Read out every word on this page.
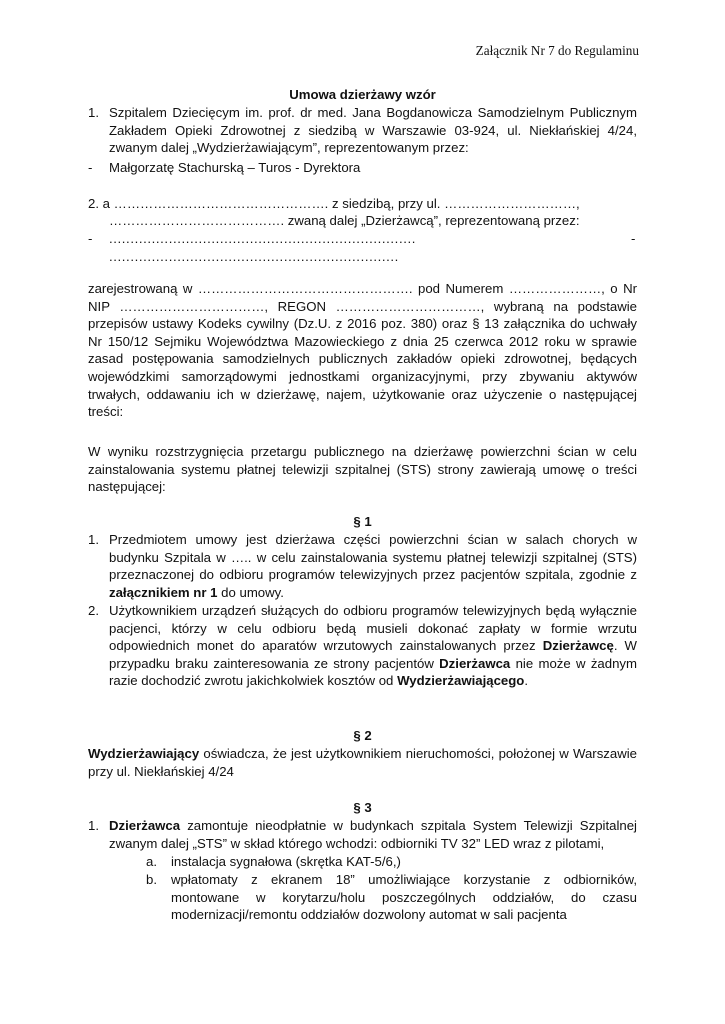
Załącznik Nr 7 do Regulaminu
Umowa dzierżawy wzór
1. Szpitalem Dziecięcym im. prof. dr med. Jana Bogdanowicza Samodzielnym Publicznym Zakładem Opieki Zdrowotnej z siedzibą w Warszawie 03-924, ul. Niekłańskiej 4/24, zwanym dalej „Wydzierżawiającym”, reprezentowanym przez:
- Małgorzatę Stachurską – Turos - Dyrektora
2. a …………………………………………. z siedzibą, przy ul. …………………………,
…………………………………. zwaną dalej „Dzierżawcą”, reprezentowaną przez:
- ........................................................................	-
....................................................................
zarejestrowaną w …………………………………………. pod Numerem …………………, o Nr NIP ……………………………, REGON ……………………………, wybraną na podstawie przepisów ustawy Kodeks cywilny (Dz.U. z 2016 poz. 380) oraz § 13 załącznika do uchwały Nr 150/12 Sejmiku Województwa Mazowieckiego z dnia 25 czerwca 2012 roku w sprawie zasad postępowania samodzielnych publicznych zakładów opieki zdrowotnej, będących wojewódzkimi samorządowymi jednostkami organizacyjnymi, przy zbywaniu aktywów trwałych, oddawaniu ich w dzierżawę, najem, użytkowanie oraz użyczenie o następującej treści:
W wyniku rozstrzygnięcia przetargu publicznego na dzierżawę powierzchni ścian w celu zainstalowania systemu płatnej telewizji szpitalnej (STS) strony zawierają umowę o treści następującej:
§ 1
1. Przedmiotem umowy jest dzierżawa części powierzchni ścian w salach chorych w budynku Szpitala w ….. w celu zainstalowania systemu płatnej telewizji szpitalnej (STS) przeznaczonej do odbioru programów telewizyjnych przez pacjentów szpitala, zgodnie z załącznikiem nr 1 do umowy.
2. Użytkownikiem urządzeń służących do odbioru programów telewizyjnych będą wyłącznie pacjenci, którzy w celu odbioru będą musieli dokonać zapłaty w formie wrzutu odpowiednich monet do aparatów wrzutowych zainstalowanych przez Dzierżawcę. W przypadku braku zainteresowania ze strony pacjentów Dzierżawca nie może w żadnym razie dochodzić zwrotu jakichkolwiek kosztów od Wydzierżawiającego.
§ 2
Wydzierżawiający oświadcza, że jest użytkownikiem nieruchomości, położonej w Warszawie przy ul. Niekłańskiej 4/24
§ 3
1. Dzierżawca zamontuje nieodpłatnie w budynkach szpitala System Telewizji Szpitalnej zwanym dalej „STS” w skład którego wchodzi: odbiorniki TV 32” LED wraz z pilotami,
a. instalacja sygnałowa (skrętka KAT-5/6,)
b. wpłatomaty z ekranem 18” umożliwiające korzystanie z odbiorników, montowane w korytarzu/holu poszczególnych oddziałów, do czasu modernizacji/remontu oddziałów dozwolony automat w sali pacjenta
